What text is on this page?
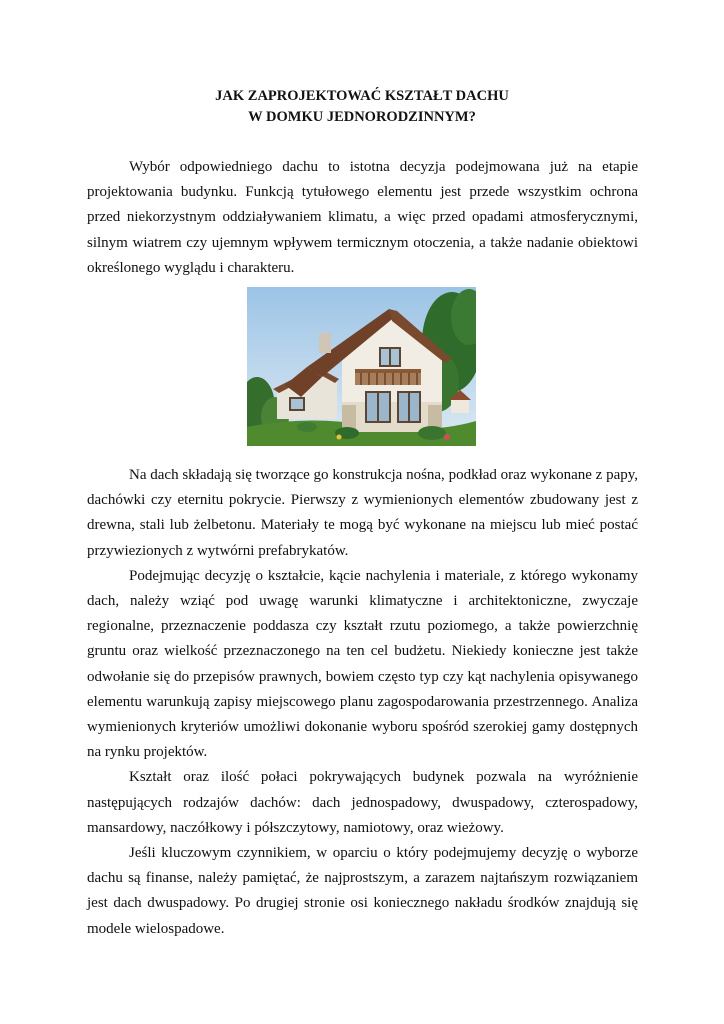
JAK ZAPROJEKTOWAĆ KSZTAŁT DACHU
W DOMKU JEDNORODZINNYM?

Wybór odpowiedniego dachu to istotna decyzja podejmowana już na etapie projektowania budynku. Funkcją tytułowego elementu jest przede wszystkim ochrona przed niekorzystnym oddziaływaniem klimatu, a więc przed opadami atmosferycznymi, silnym wiatrem czy ujemnym wpływem termicznym otoczenia, a także nadanie obiektowi określonego wyglądu i charakteru.

Na dach składają się tworzące go konstrukcja nośna, podkład oraz wykonane z papy, dachówki czy eternitu pokrycie. Pierwszy z wymienionych elementów zbudowany jest z drewna, stali lub żelbetonu. Materiały te mogą być wykonane na miejscu lub mieć postać przywiezionych z wytwórni prefabrykatów.

Podejmując decyzję o kształcie, kącie nachylenia i materiale, z którego wykonamy dach, należy wziąć pod uwagę warunki klimatyczne i architektoniczne, zwyczaje regionalne, przeznaczenie poddasza czy kształt rzutu poziomego, a także powierzchnię gruntu oraz wielkość przeznaczonego na ten cel budżetu. Niekiedy konieczne jest także odwołanie się do przepisów prawnych, bowiem często typ czy kąt nachylenia opisywanego elementu warunkują zapisy miejscowego planu zagospodarowania przestrzennego. Analiza wymienionych kryteriów umożliwi dokonanie wyboru spośród szerokiej gamy dostępnych na rynku projektów.

Kształt oraz ilość połaci pokrywających budynek pozwala na wyróżnienie następujących rodzajów dachów: dach jednospadowy, dwuspadowy, czterospadowy, mansardowy, naczółkowy i półszczytowy, namiotowy, oraz wieżowy.

Jeśli kluczowym czynnikiem, w oparciu o który podejmujemy decyzję o wyborze dachu są finanse, należy pamiętać, że najprostszym, a zarazem najtańszym rozwiązaniem jest dach dwuspadowy. Po drugiej stronie osi koniecznego nakładu środków znajdują się modele wielospadowe.
